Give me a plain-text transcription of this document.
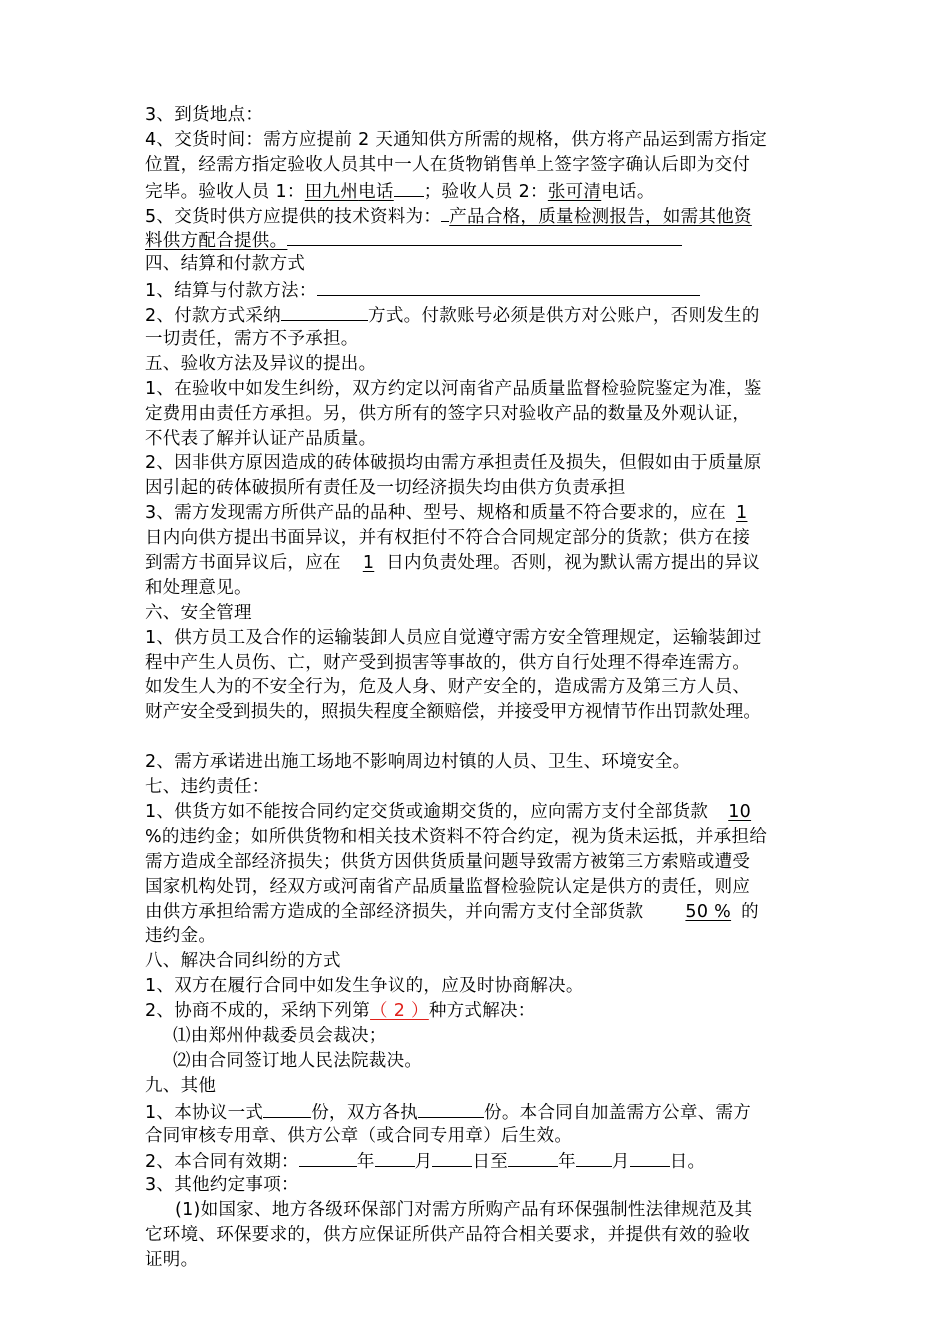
3、到货地点：
4、交货时间：需方应提前 2 天通知供方所需的规格，供方将产品运到需方指定
位置，经需方指定验收人员其中一人在货物销售单上签字签字确认后即为交付
完毕。验收人员 1：田九州电话 ；验收人员 2：张可清电话。
5、交货时供方应提供的技术资料为： 产品合格，质量检测报告，如需其他资
料供方配合提供。
四、结算和付款方式
1、结算与付款方法：
2、付款方式采纳	方式。付款账号必须是供方对公账户，否则发生的
一切责任，需方不予承担。
五、验收方法及异议的提出。
1、在验收中如发生纠纷，双方约定以河南省产品质量监督检验院鉴定为准，鉴
定费用由责任方承担。另，供方所有的签字只对验收产品的数量及外观认证，
不代表了解并认证产品质量。
2、因非供方原因造成的砖体破损均由需方承担责任及损失，但假如由于质量原
因引起的砖体破损所有责任及一切经济损失均由供方负责承担
3、需方发现需方所供产品的品种、型号、规格和质量不符合要求的，应在 1
日内向供方提出书面异议，并有权拒付不符合合同规定部分的货款；供方在接
到需方书面异议后，应在 1 日内负责处理。否则，视为默认需方提出的异议
和处理意见。
六、安全管理
1、供方员工及合作的运输装卸人员应自觉遵守需方安全管理规定，运输装卸过
程中产生人员伤、亡，财产受到损害等事故的，供方自行处理不得牵连需方。
如发生人为的不安全行为，危及人身、财产安全的，造成需方及第三方人员、
财产安全受到损失的，照损失程度全额赔偿，并接受甲方视情节作出罚款处理。
2、需方承诺进出施工场地不影响周边村镇的人员、卫生、环境安全。
七、违约责任：
1、供货方如不能按合同约定交货或逾期交货的，应向需方支付全部货款 10
%的违约金；如所供货物和相关技术资料不符合约定，视为货未运抵，并承担给
需方造成全部经济损失；供货方因供货质量问题导致需方被第三方索赔或遭受
国家机构处罚，经双方或河南省产品质量监督检验院认定是供方的责任，则应
由供方承担给需方造成的全部经济损失，并向需方支付全部货款 50 % 的
违约金。
八、解决合同纠纷的方式
1、双方在履行合同中如发生争议的，应及时协商解决。
2、协商不成的，采纳下列第（ 2 ）种方式解决：
⑴由郑州仲裁委员会裁决；
⑵由合同签订地人民法院裁决。
九、其他
1、本协议一式	份，双方各执	份。本合同自加盖需方公章、需方
合同审核专用章、供方公章（或合同专用章）后生效。
2、本合同有效期：	年 月 日至	年 月 日。
3、其他约定事项：
(1)如国家、地方各级环保部门对需方所购产品有环保强制性法律规范及其
它环境、环保要求的，供方应保证所供产品符合相关要求，并提供有效的验收
证明。
